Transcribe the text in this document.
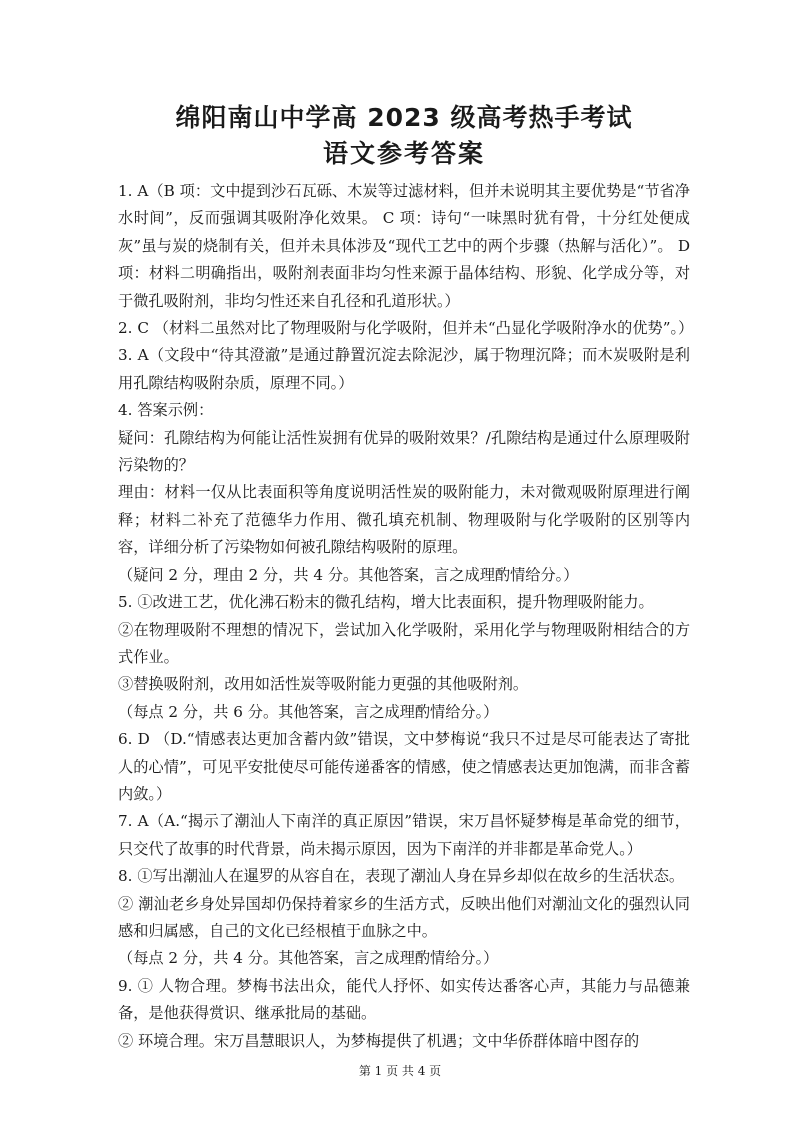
绵阳南山中学高 2023 级高考热手考试
语文参考答案

1. A（B 项：文中提到沙石瓦砾、木炭等过滤材料，但并未说明其主要优势是“节省净水时间”，反而强调其吸附净化效果。 C 项：诗句“一味黑时犹有骨，十分红处便成灰”虽与炭的烧制有关，但并未具体涉及“现代工艺中的两个步骤（热解与活化）”。 D 项：材料二明确指出，吸附剂表面非均匀性来源于晶体结构、形貌、化学成分等，对于微孔吸附剂，非均匀性还来自孔径和孔道形状。）

2. C （材料二虽然对比了物理吸附与化学吸附，但并未“凸显化学吸附净水的优势”。）

3. A（文段中“待其澄澈”是通过静置沉淀去除泥沙，属于物理沉降；而木炭吸附是利用孔隙结构吸附杂质，原理不同。）

4. 答案示例：

疑问：孔隙结构为何能让活性炭拥有优异的吸附效果？/孔隙结构是通过什么原理吸附污染物的？

理由：材料一仅从比表面积等角度说明活性炭的吸附能力，未对微观吸附原理进行阐释；材料二补充了范德华力作用、微孔填充机制、物理吸附与化学吸附的区别等内容，详细分析了污染物如何被孔隙结构吸附的原理。

（疑问 2 分，理由 2 分，共 4 分。其他答案，言之成理酌情给分。）

5. ①改进工艺，优化沸石粉末的微孔结构，增大比表面积，提升物理吸附能力。

②在物理吸附不理想的情况下，尝试加入化学吸附，采用化学与物理吸附相结合的方式作业。

③替换吸附剂，改用如活性炭等吸附能力更强的其他吸附剂。

（每点 2 分，共 6 分。其他答案，言之成理酌情给分。）

6. D （D.“情感表达更加含蓄内敛”错误，文中梦梅说“我只不过是尽可能表达了寄批人的心情”，可见平安批使尽可能传递番客的情感，使之情感表达更加饱满，而非含蓄内敛。）

7. A（A.“揭示了潮汕人下南洋的真正原因”错误，宋万昌怀疑梦梅是革命党的细节，只交代了故事的时代背景，尚未揭示原因，因为下南洋的并非都是革命党人。）

8. ①写出潮汕人在暹罗的从容自在，表现了潮汕人身在异乡却似在故乡的生活状态。

② 潮汕老乡身处异国却仍保持着家乡的生活方式，反映出他们对潮汕文化的强烈认同感和归属感，自己的文化已经根植于血脉之中。

（每点 2 分，共 4 分。其他答案，言之成理酌情给分。）

9. ① 人物合理。梦梅书法出众，能代人抒怀、如实传达番客心声，其能力与品德兼备，是他获得赏识、继承批局的基础。

② 环境合理。宋万昌慧眼识人，为梦梅提供了机遇；文中华侨群体暗中图存的

第 1 页 共 4 页
